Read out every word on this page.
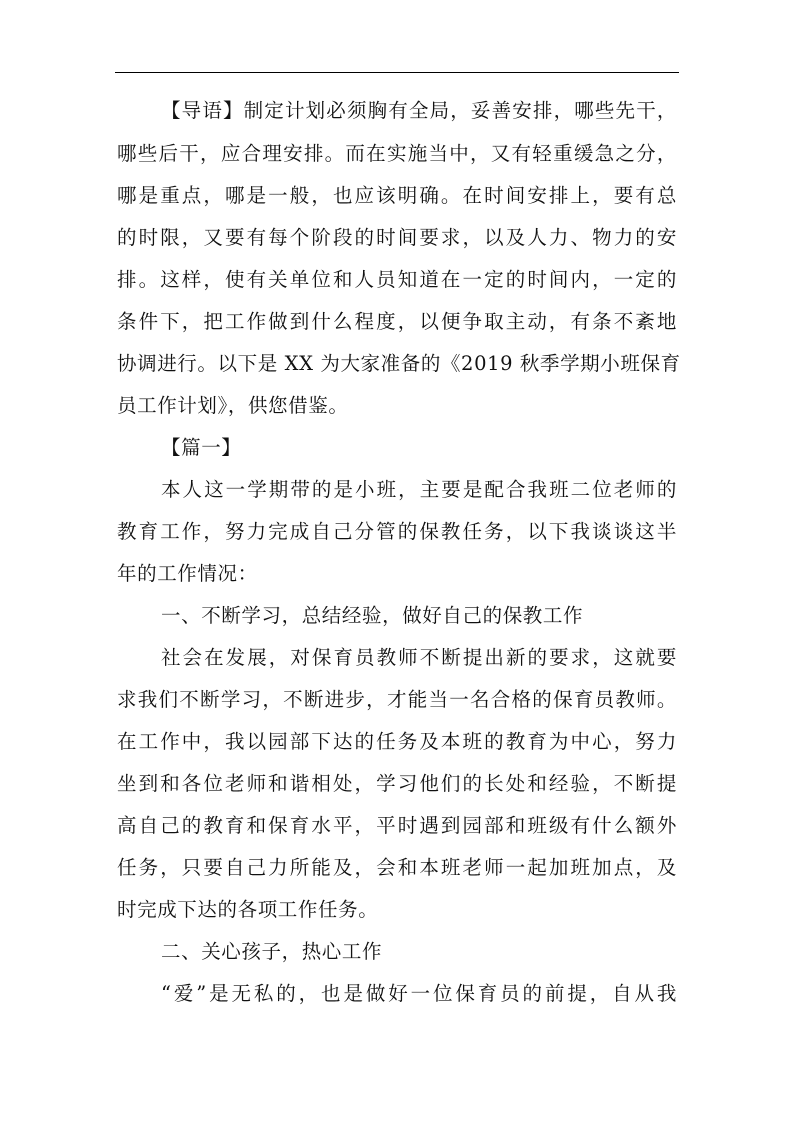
【导语】制定计划必须胸有全局，妥善安排，哪些先干，
哪些后干，应合理安排。而在实施当中，又有轻重缓急之分，
哪是重点，哪是一般，也应该明确。在时间安排上，要有总
的时限，又要有每个阶段的时间要求，以及人力、物力的安
排。这样，使有关单位和人员知道在一定的时间内，一定的
条件下，把工作做到什么程度，以便争取主动，有条不紊地
协调进行。以下是 XX 为大家准备的《2019 秋季学期小班保育
员工作计划》，供您借鉴。
【篇一】
本人这一学期带的是小班，主要是配合我班二位老师的
教育工作，努力完成自己分管的保教任务，以下我谈谈这半
年的工作情况：
一、不断学习，总结经验，做好自己的保教工作
社会在发展，对保育员教师不断提出新的要求，这就要
求我们不断学习，不断进步，才能当一名合格的保育员教师。
在工作中，我以园部下达的任务及本班的教育为中心，努力
坐到和各位老师和谐相处，学习他们的长处和经验，不断提
高自己的教育和保育水平，平时遇到园部和班级有什么额外
任务，只要自己力所能及，会和本班老师一起加班加点，及
时完成下达的各项工作任务。
二、关心孩子，热心工作
“爱”是无私的，也是做好一位保育员的前提，自从我
